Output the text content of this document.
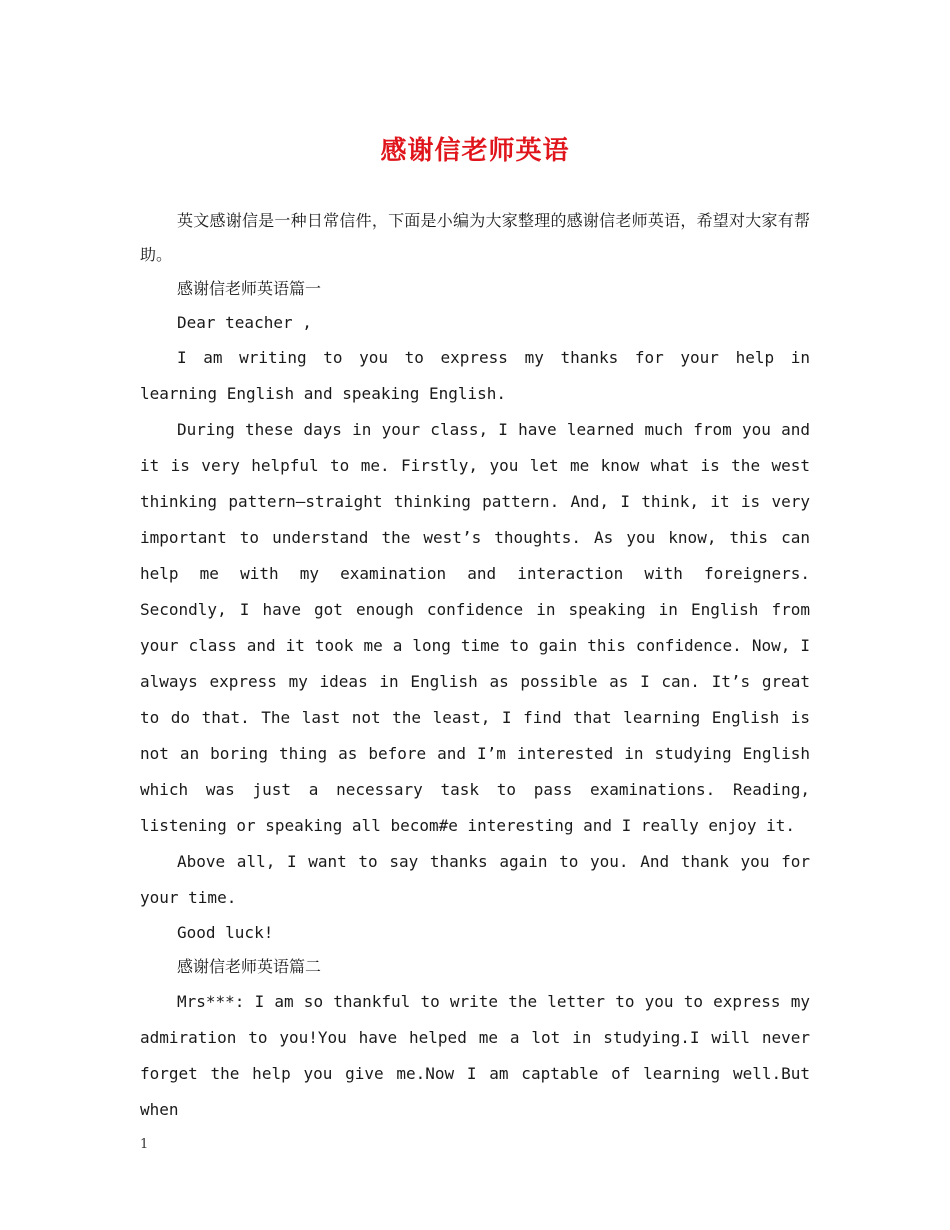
感谢信老师英语

英文感谢信是一种日常信件，下面是小编为大家整理的感谢信老师英语，希望对大家有帮助。

感谢信老师英语篇一

Dear teacher ,

I am writing to you to express my thanks for your help in learning English and speaking English.

During these days in your class, I have learned much from you and it is very helpful to me. Firstly, you let me know what is the west thinking pattern—straight thinking pattern. And, I think, it is very important to understand the west’s thoughts. As you know, this can help me with my examination and interaction with foreigners. Secondly, I have got enough confidence in speaking in English from your class and it took me a long time to gain this confidence. Now, I always express my ideas in English as possible as I can. It’s great to do that. The last not the least, I find that learning English is not an boring thing as before and I’m interested in studying English which was just a necessary task to pass examinations. Reading, listening or speaking all becom#e interesting and I really enjoy it.

Above all, I want to say thanks again to you. And thank you for your time.

Good luck!

感谢信老师英语篇二

Mrs***: I am so thankful to write the letter to you to express my admiration to you!You have helped me a lot in studying.I will never forget the help you give me.Now I am captable of learning well.But when

1
